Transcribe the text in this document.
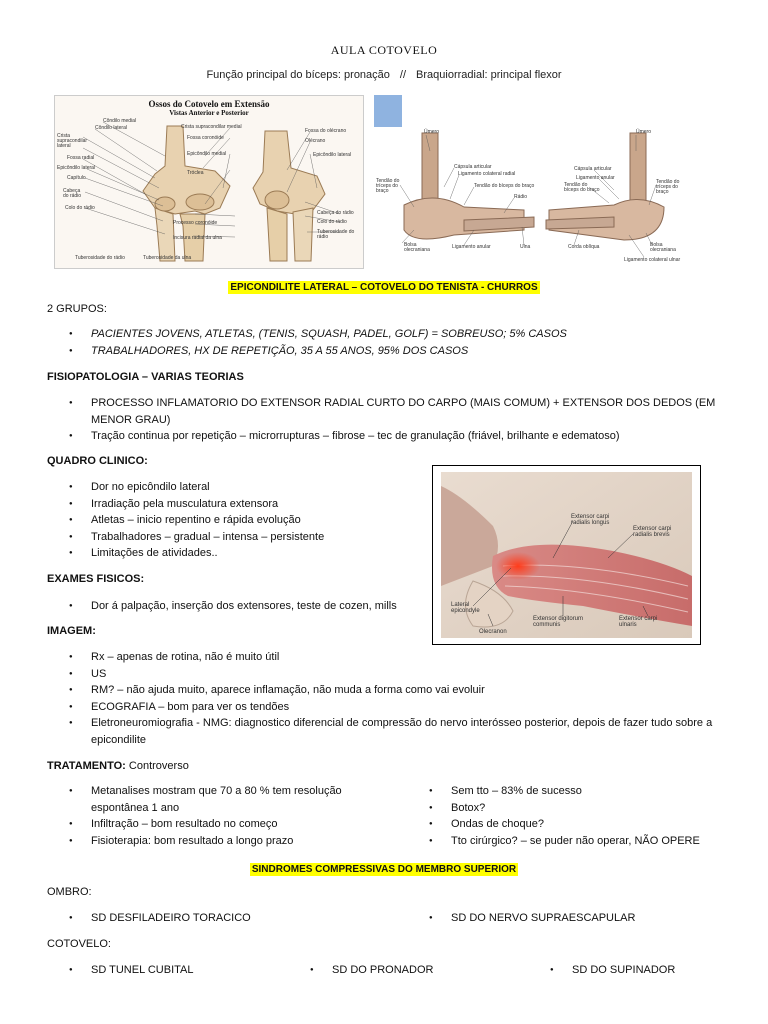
AULA COTOVELO
Função principal do bíceps: pronação // Braquiorradial: principal flexor
Ossos do Cotovelo em Extensão
Vistas Anterior e Posterior
Côndilo medial
Côndilo lateral
Crista supracondilar lateral
Fossa radial
Epicôndilo lateral
Capítulo
Cabeça do rádio
Colo do rádio
Tuberosidade do rádio
Crista supracondilar medial
Fossa coronóide
Epicôndilo medial
Tróclea
Processo coronóide
Incisura radial da ulna
Tuberosidade da ulna
Fossa do olécrano
Olécrano
Epicôndilo lateral
Cabeça do rádio
Colo do rádio
Tuberosidade do rádio
Úmero
Cápsula articular
Ligamento colateral radial
Tendão do bíceps do braço
Tendão do tríceps do braço
Rádio
Bolsa olecraniana	Ligamento anular	Ulna
Úmero
Cápsula articular
Ligamento anular
Tendão do bíceps do braço
Tendão do tríceps do braço
Corda oblíqua	Bolsa olecraniana
Ligamento colateral ulnar
EPICONDILITE LATERAL – COTOVELO DO TENISTA - CHURROS
2 GRUPOS:
● PACIENTES JOVENS, ATLETAS, (TENIS, SQUASH, PADEL, GOLF) = SOBREUSO; 5% CASOS
● TRABALHADORES, HX DE REPETIÇÃO, 35 A 55 ANOS, 95% DOS CASOS
FISIOPATOLOGIA – VARIAS TEORIAS
● PROCESSO INFLAMATORIO DO EXTENSOR RADIAL CURTO DO CARPO (MAIS COMUM) + EXTENSOR DOS DEDOS (EM MENOR GRAU)
● Tração continua por repetição – microrrupturas – fibrose – tec de granulação (friável, brilhante e edematoso)
QUADRO CLINICO:
● Dor no epicôndilo lateral
● Irradiação pela musculatura extensora
● Atletas – inicio repentino e rápida evolução
● Trabalhadores – gradual – intensa – persistente
● Limitações de atividades..
EXAMES FISICOS:
● Dor á palpação, inserção dos extensores, teste de cozen, mills
Extensor carpi radialis longus
Extensor carpi radialis brevis
Lateral epicondyle
Extensor digitorum communis
Olecranon
Extensor carpi ulnaris
IMAGEM:
● Rx – apenas de rotina, não é muito útil
● US
● RM? – não ajuda muito, aparece inflamação, não muda a forma como vai evoluir
● ECOGRAFIA – bom para ver os tendões
● Eletroneuromiografia - NMG: diagnostico diferencial de compressão do nervo interósseo posterior, depois de fazer tudo sobre a epicondilite
TRATAMENTO: Controverso
● Metanalises mostram que 70 a 80 % tem resolução espontânea 1 ano
● Infiltração – bom resultado no começo
● Fisioterapia: bom resultado a longo prazo
● Sem tto – 83% de sucesso
● Botox?
● Ondas de choque?
● Tto cirúrgico? – se puder não operar, NÃO OPERE
SINDROMES COMPRESSIVAS DO MEMBRO SUPERIOR
OMBRO:
● SD DESFILADEIRO TORACICO	● SD DO NERVO SUPRAESCAPULAR
COTOVELO:
● SD TUNEL CUBITAL	● SD DO PRONADOR	● SD DO SUPINADOR
